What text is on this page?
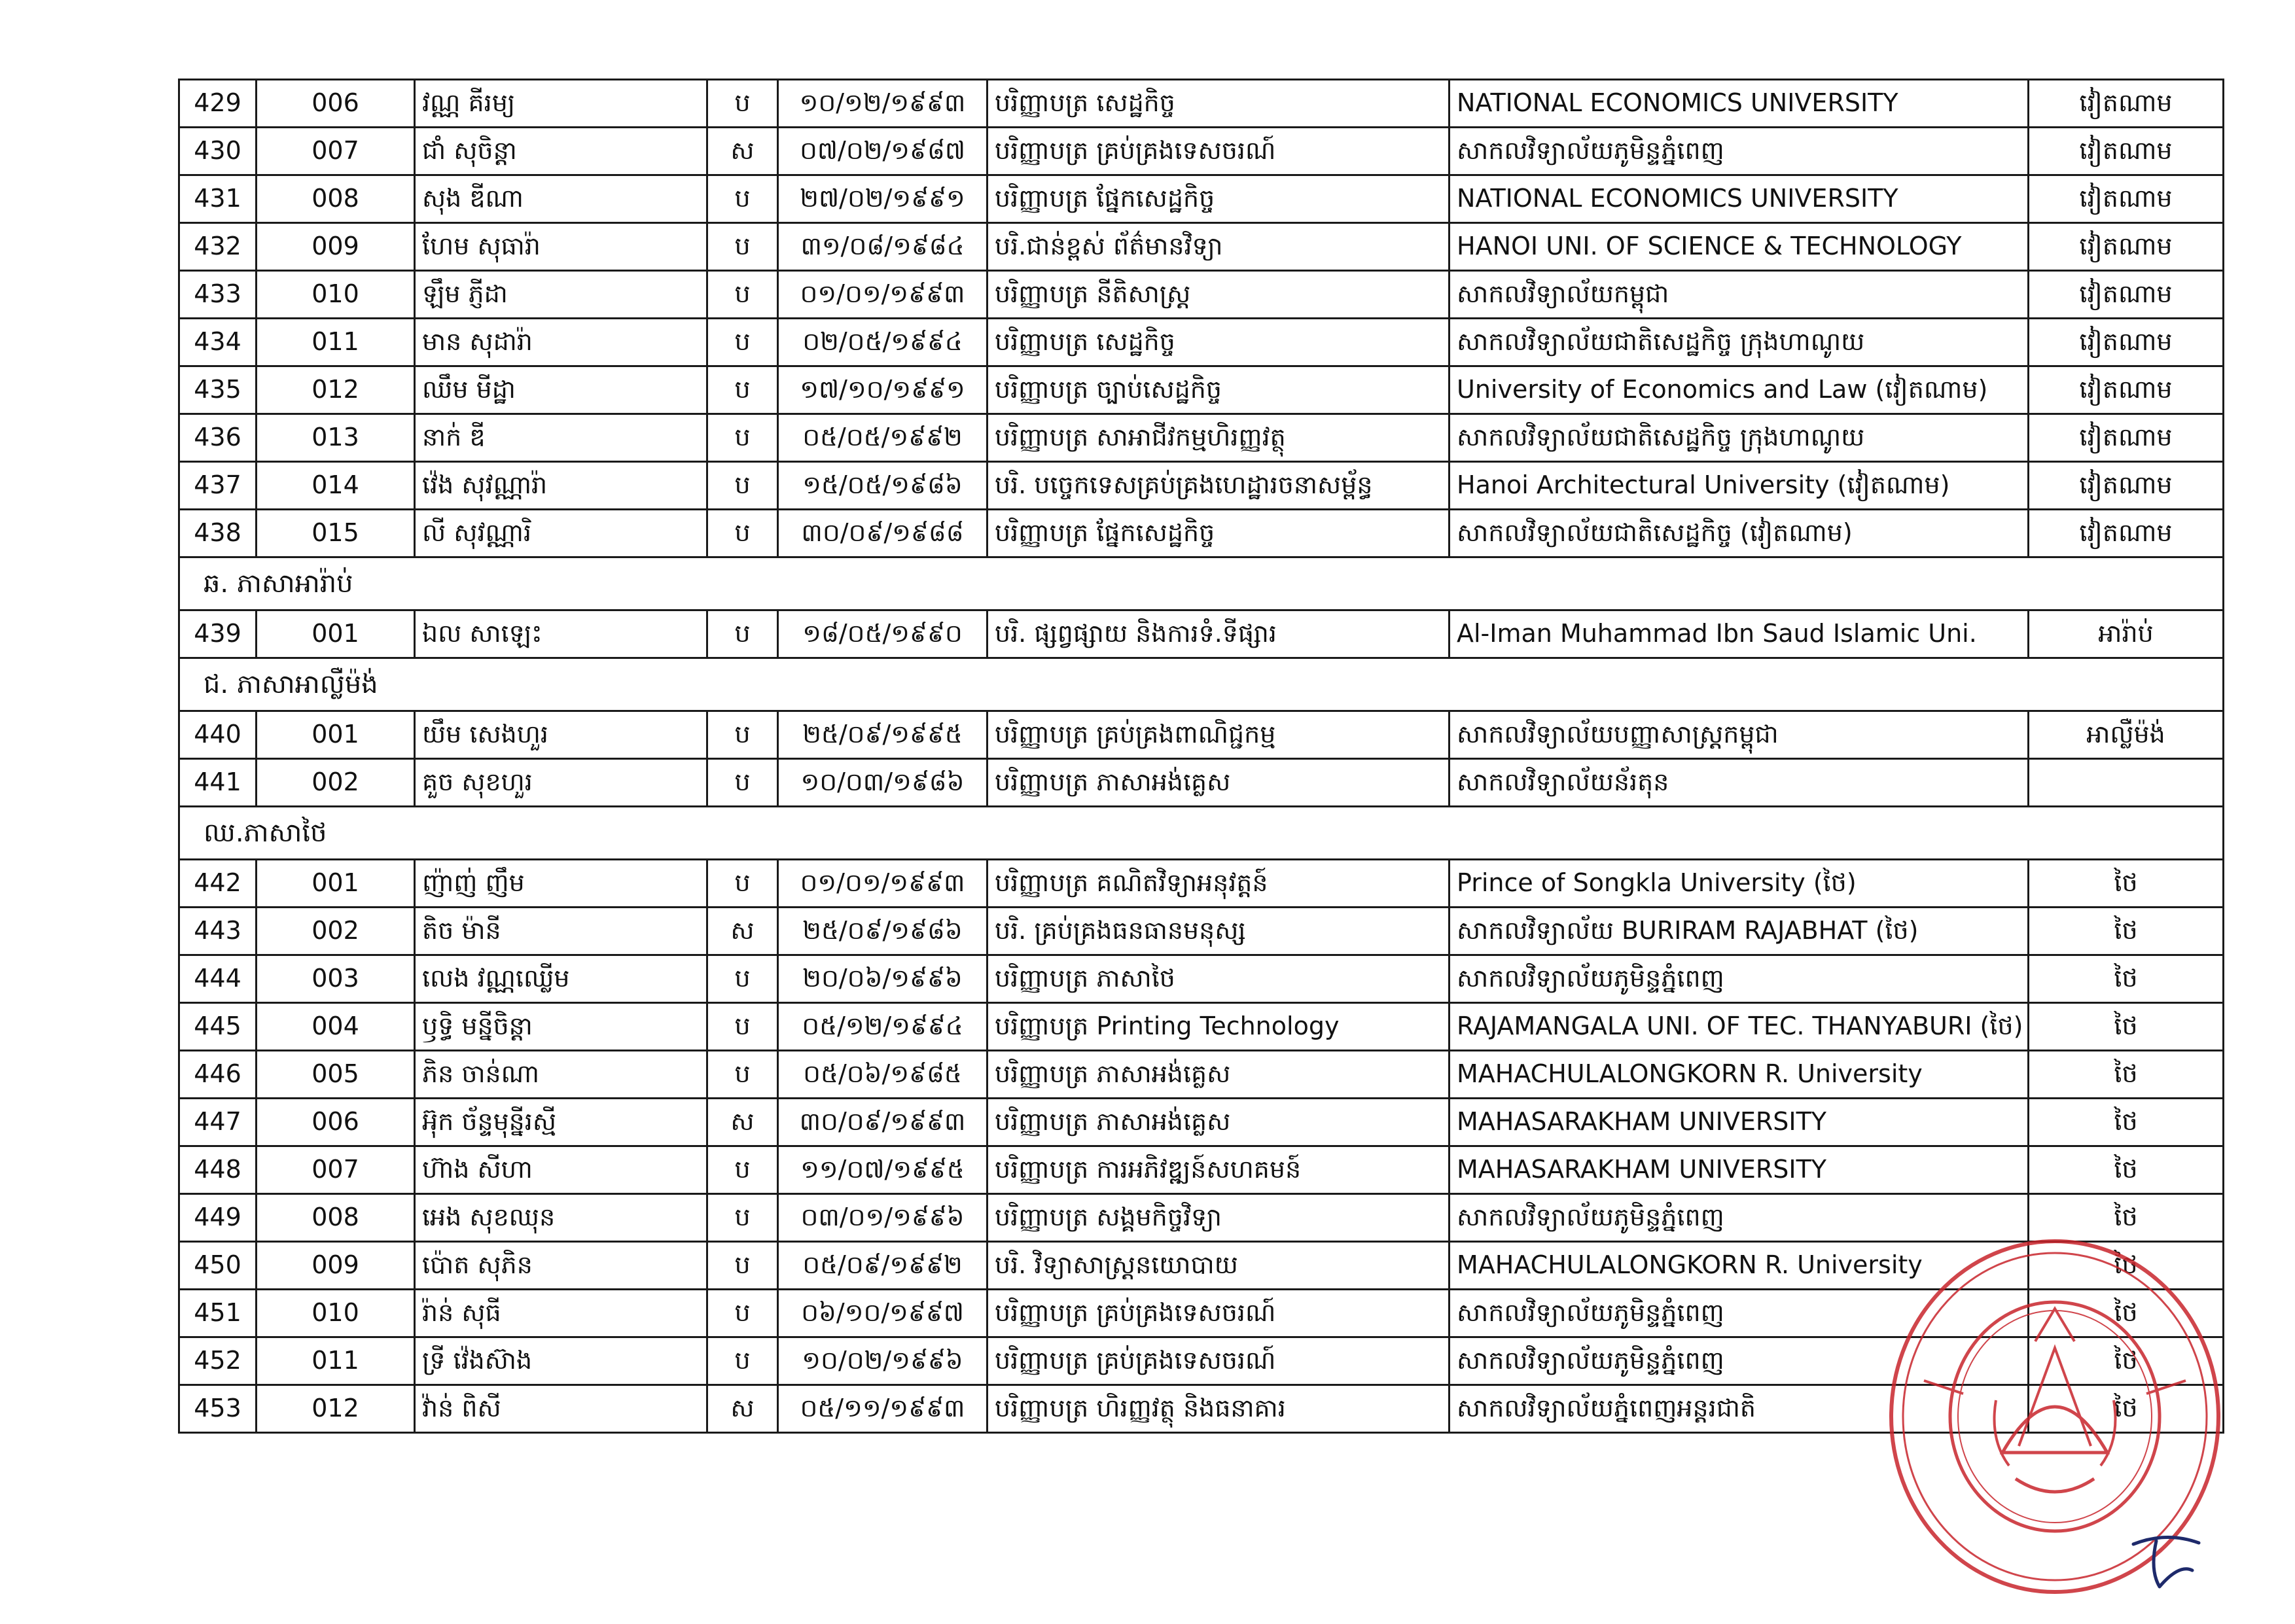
429	006	វណ្ណ គីរម្យ	ប	១០/១២/១៩៩៣	បរិញ្ញាបត្រ សេដ្ឋកិច្ច	NATIONAL ECONOMICS UNIVERSITY	វៀតណាម
430	007	ជាំ សុចិន្តា	ស	០៧/០២/១៩៨៧	បរិញ្ញាបត្រ គ្រប់គ្រងទេសចរណ៍	សាកលវិទ្យាល័យភូមិន្ទភ្នំពេញ	វៀតណាម
431	008	សុង ឌីណា	ប	២៧/០២/១៩៩១	បរិញ្ញាបត្រ ផ្នែកសេដ្ឋកិច្ច	NATIONAL ECONOMICS UNIVERSITY	វៀតណាម
432	009	ហែម សុធារ៉ា	ប	៣១/០៨/១៩៨៤	បរិ.ជាន់ខ្ពស់ ព័ត៌មានវិទ្យា	HANOI UNI. OF SCIENCE & TECHNOLOGY	វៀតណាម
433	010	ឡឹម ភ្ញីដា	ប	០១/០១/១៩៩៣	បរិញ្ញាបត្រ នីតិសាស្ត្រ	សាកលវិទ្យាល័យកម្ពុជា	វៀតណាម
434	011	មាន សុដារ៉ា	ប	០២/០៥/១៩៩៤	បរិញ្ញាបត្រ សេដ្ឋកិច្ច	សាកលវិទ្យាល័យជាតិសេដ្ឋកិច្ច ក្រុងហាណូយ	វៀតណាម
435	012	ឈឹម មីដ្ឋា	ប	១៧/១០/១៩៩១	បរិញ្ញាបត្រ ច្បាប់សេដ្ឋកិច្ច	University of Economics and Law (វៀតណាម)	វៀតណាម
436	013	នាក់ ឌី	ប	០៥/០៥/១៩៩២	បរិញ្ញាបត្រ សាអាជីវកម្មហិរញ្ញវត្ថុ	សាកលវិទ្យាល័យជាតិសេដ្ឋកិច្ច ក្រុងហាណូយ	វៀតណាម
437	014	វ៉េង សុវណ្ណារ៉ា	ប	១៥/០៥/១៩៨៦	បរិ. បច្ចេកទេសគ្រប់គ្រងហេដ្ឋារចនាសម្ព័ន្ធ	Hanoi Architectural University (វៀតណាម)	វៀតណាម
438	015	លី សុវណ្ណារិ	ប	៣០/០៩/១៩៨៨	បរិញ្ញាបត្រ ផ្នែកសេដ្ឋកិច្ច	សាកលវិទ្យាល័យជាតិសេដ្ឋកិច្ច (វៀតណាម)	វៀតណាម
ឆ. ភាសាអារ៉ាប់							
439	001	ឯល សាឡេះ	ប	១៨/០៥/១៩៩០	បរិ. ផ្សព្វផ្សាយ និងការទំ.ទីផ្សារ	Al-Iman Muhammad Ibn Saud Islamic Uni.	អារ៉ាប់
ជ. ភាសាអាល្លឺម៉ង់							
440	001	យឹម សេងហួរ	ប	២៥/០៩/១៩៩៥	បរិញ្ញាបត្រ គ្រប់គ្រងពាណិជ្ជកម្ម	សាកលវិទ្យាល័យបញ្ញាសាស្ត្រកម្ពុជា	អាល្លឺម៉ង់
441	002	គួច សុខហួរ	ប	១០/០៣/១៩៨៦	បរិញ្ញាបត្រ ភាសាអង់គ្លេស	សាកលវិទ្យាល័យន័រតុន	
ឈ.ភាសាថៃ							
442	001	ញ៉ាញ់ ញឹម	ប	០១/០១/១៩៩៣	បរិញ្ញាបត្រ គណិតវិទ្យាអនុវត្តន៍	Prince of Songkla University (ថៃ)	ថៃ
443	002	តិច ម៉ានី	ស	២៥/០៩/១៩៨៦	បរិ. គ្រប់គ្រងធនធានមនុស្ស	សាកលវិទ្យាល័យ BURIRAM RAJABHAT (ថៃ)	ថៃ
444	003	លេង វណ្ណឈ្លើម	ប	២០/០៦/១៩៩៦	បរិញ្ញាបត្រ ភាសាថៃ	សាកលវិទ្យាល័យភូមិន្ទភ្នំពេញ	ថៃ
445	004	ឫទ្ធិ មន្នីចិន្តា	ប	០៥/១២/១៩៩៤	បរិញ្ញាបត្រ Printing Technology	RAJAMANGALA UNI. OF TEC. THANYABURI (ថៃ)	ថៃ
446	005	ភិន ចាន់ណា	ប	០៥/០៦/១៩៨៥	បរិញ្ញាបត្រ ភាសាអង់គ្លេស	MAHACHULALONGKORN R. University	ថៃ
447	006	អ៊ុក ច័ន្ទមុន្នីរស្មី	ស	៣០/០៩/១៩៩៣	បរិញ្ញាបត្រ ភាសាអង់គ្លេស	MAHASARAKHAM UNIVERSITY	ថៃ
448	007	ហ៊ាង សីហា	ប	១១/០៧/១៩៩៥	បរិញ្ញាបត្រ ការអភិវឌ្ឍន៍សហគមន៍	MAHASARAKHAM UNIVERSITY	ថៃ
449	008	អេង សុខឈុន	ប	០៣/០១/១៩៩៦	បរិញ្ញាបត្រ សង្គមកិច្ចវិទ្យា	សាកលវិទ្យាល័យភូមិន្ទភ្នំពេញ	ថៃ
450	009	ប៉ោត សុភិន	ប	០៥/០៩/១៩៩២	បរិ. វិទ្យាសាស្ត្រនយោបាយ	MAHACHULALONGKORN R. University	ថៃ
451	010	រ៉ាន់ សុធី	ប	០៦/១០/១៩៩៧	បរិញ្ញាបត្រ គ្រប់គ្រងទេសចរណ៍	សាកលវិទ្យាល័យភូមិន្ទភ្នំពេញ	ថៃ
452	011	ទ្រី វ៉េងស៊ាង	ប	១០/០២/១៩៩៦	បរិញ្ញាបត្រ គ្រប់គ្រងទេសចរណ៍	សាកលវិទ្យាល័យភូមិន្ទភ្នំពេញ	ថៃ
453	012	វ៉ាន់ ពិសី	ស	០៥/១១/១៩៩៣	បរិញ្ញាបត្រ ហិរញ្ញវត្ថុ និងធនាគារ	សាកលវិទ្យាល័យភ្នំពេញអន្តរជាតិ	ថៃ
